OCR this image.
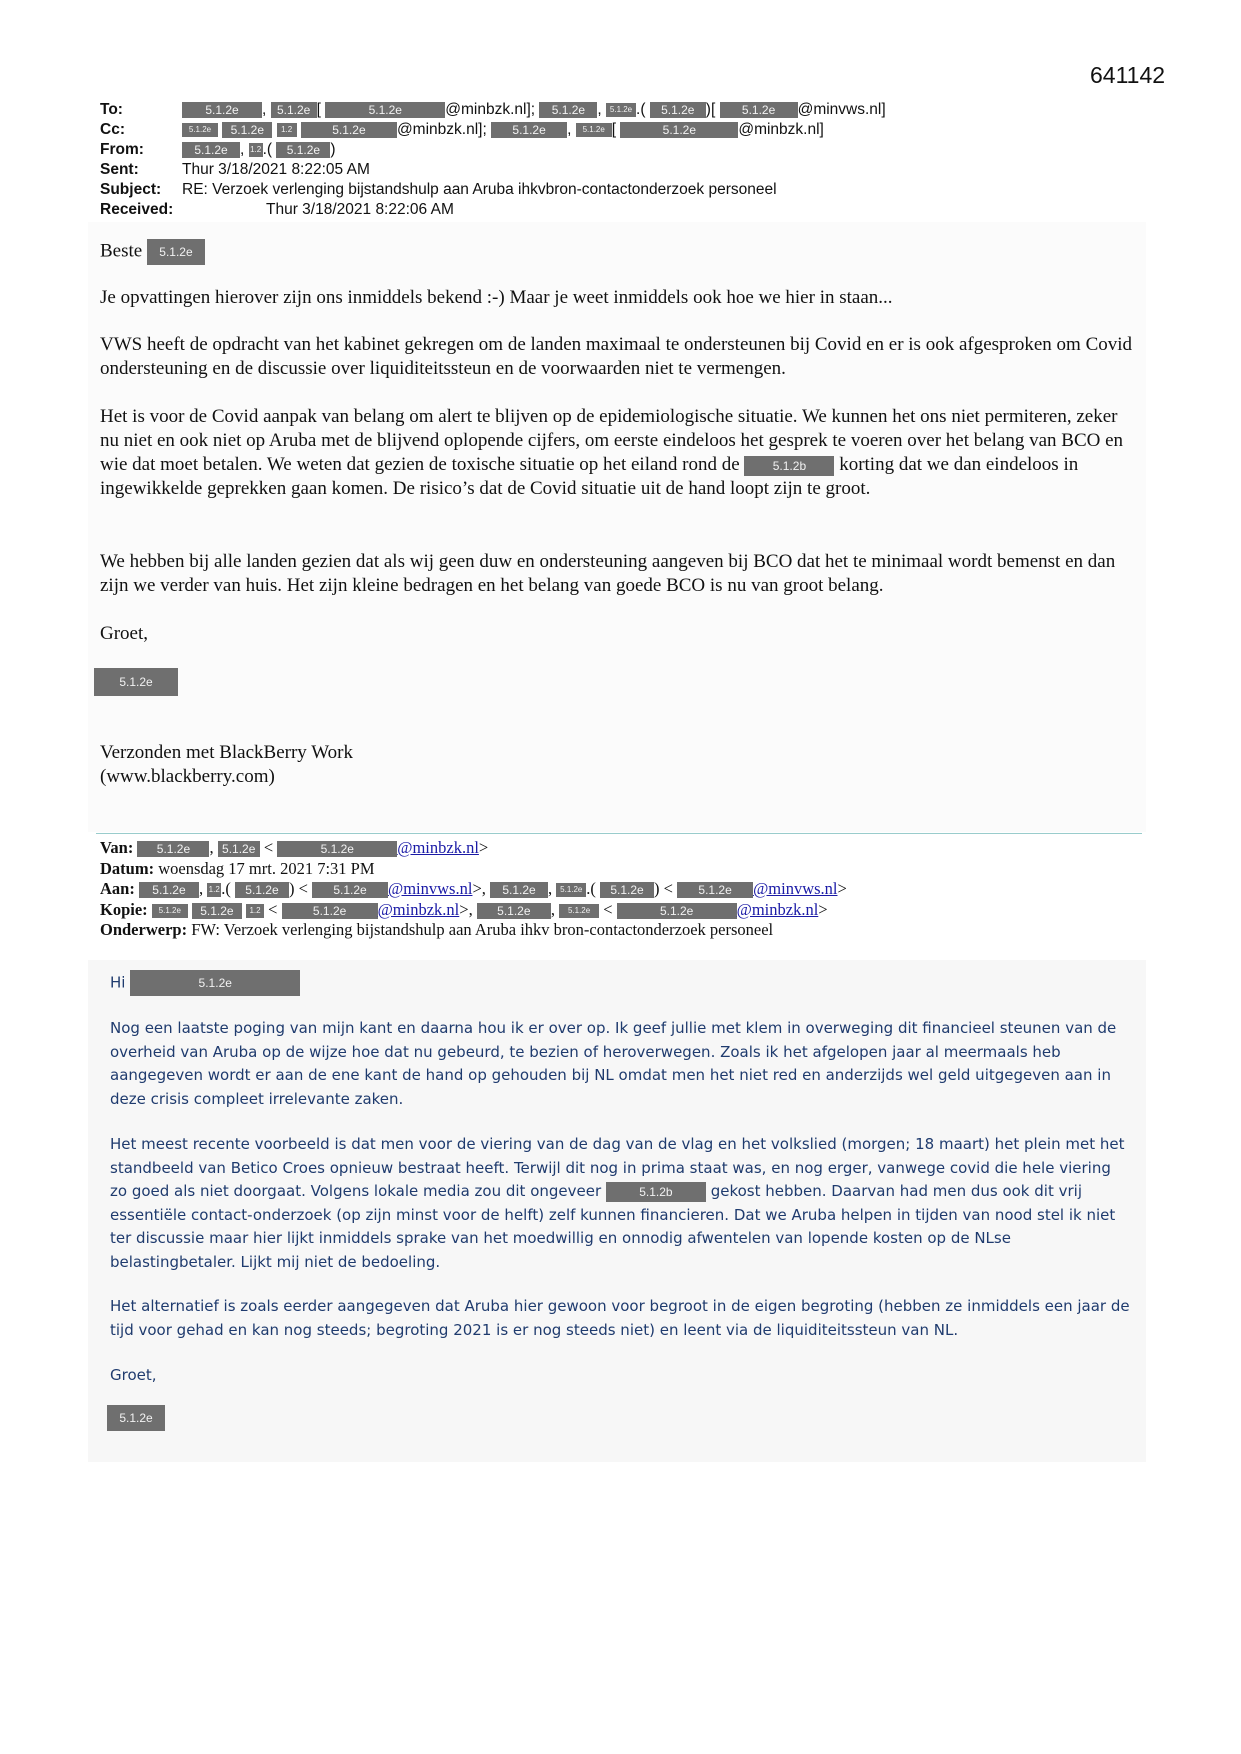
641142
To:	5.1.2e , 5.1.2e [	5.1.2e	@minbzk.nl]; 5.1.2e , 5.1.2e .( 5.1.2e )[ 5.1.2e @minvws.nl]
Cc:	5.1.2e 5.1.2e 1.2	5.1.2e @minbzk.nl]; 5.1.2e , 5.1.2e [	5.1.2e	@minbzk.nl]
From:	5.1.2e , 1.2.( 5.1.2e )
Sent:	Thur 3/18/2021 8:22:05 AM
Subject: RE: Verzoek verlenging bijstandshulp aan Aruba ihkvbron-contactonderzoek personeel
Received:	Thur 3/18/2021 8:22:06 AM
Beste 5.1.2e
Je opvattingen hierover zijn ons inmiddels bekend :-) Maar je weet inmiddels ook hoe we hier in staan...
VWS heeft de opdracht van het kabinet gekregen om de landen maximaal te ondersteunen bij Covid en er is ook afgesproken om Covid ondersteuning en de discussie over liquiditeitssteun en de voorwaarden niet te vermengen.
Het is voor de Covid aanpak van belang om alert te blijven op de epidemiologische situatie. We kunnen het ons niet permiteren, zeker nu niet en ook niet op Aruba met de blijvend oplopende cijfers, om eerste eindeloos het gesprek te voeren over het belang van BCO en wie dat moet betalen. We weten dat gezien de toxische situatie op het eiland rond de	5.1.2b korting dat we dan eindeloos in ingewikkelde geprekken gaan komen. De risico’s dat de Covid situatie uit de hand loopt zijn te groot.
We hebben bij alle landen gezien dat als wij geen duw en ondersteuning aangeven bij BCO dat het te minimaal wordt bemenst en dan zijn we verder van huis. Het zijn kleine bedragen en het belang van goede BCO is nu van groot belang.
Groet,
5.1.2e
Verzonden met BlackBerry Work
(www.blackberry.com)
Van: 5.1.2e , 5.1.2e <	5.1.2e	@minbzk.nl>
Datum: woensdag 17 mrt. 2021 7:31 PM
Aan: 5.1.2e , 1.2.( 5.1.2e ) < 5.1.2e @minvws.nl>, 5.1.2e , 5.1.2e .( 5.1.2e ) < 5.1.2e @minvws.nl>
Kopie: 5.1.2e 5.1.2e 1.2 <	5.1.2e @minbzk.nl>, 5.1.2e , 5.1.2e <	5.1.2e	@minbzk.nl>
Onderwerp: FW: Verzoek verlenging bijstandshulp aan Aruba ihkv bron-contactonderzoek personeel
Hi	5.1.2e
Nog een laatste poging van mijn kant en daarna hou ik er over op. Ik geef jullie met klem in overweging dit financieel steunen van de overheid van Aruba op de wijze hoe dat nu gebeurd, te bezien of heroverwegen. Zoals ik het afgelopen jaar al meermaals heb aangegeven wordt er aan de ene kant de hand op gehouden bij NL omdat men het niet red en anderzijds wel geld uitgegeven aan in deze crisis compleet irrelevante zaken.
Het meest recente voorbeeld is dat men voor de viering van de dag van de vlag en het volkslied (morgen; 18 maart) het plein met het standbeeld van Betico Croes opnieuw bestraat heeft. Terwijl dit nog in prima staat was, en nog erger, vanwege covid die hele viering zo goed als niet doorgaat. Volgens lokale media zou dit ongeveer	5.1.2b	gekost hebben. Daarvan had men dus ook dit vrij essentiële contact-onderzoek (op zijn minst voor de helft) zelf kunnen financieren. Dat we Aruba helpen in tijden van nood stel ik niet ter discussie maar hier lijkt inmiddels sprake van het moedwillig en onnodig afwentelen van lopende kosten op de NLse belastingbetaler. Lijkt mij niet de bedoeling.
Het alternatief is zoals eerder aangegeven dat Aruba hier gewoon voor begroot in de eigen begroting (hebben ze inmiddels een jaar de tijd voor gehad en kan nog steeds; begroting 2021 is er nog steeds niet) en leent via de liquiditeitssteun van NL.
Groet,
5.1.2e
